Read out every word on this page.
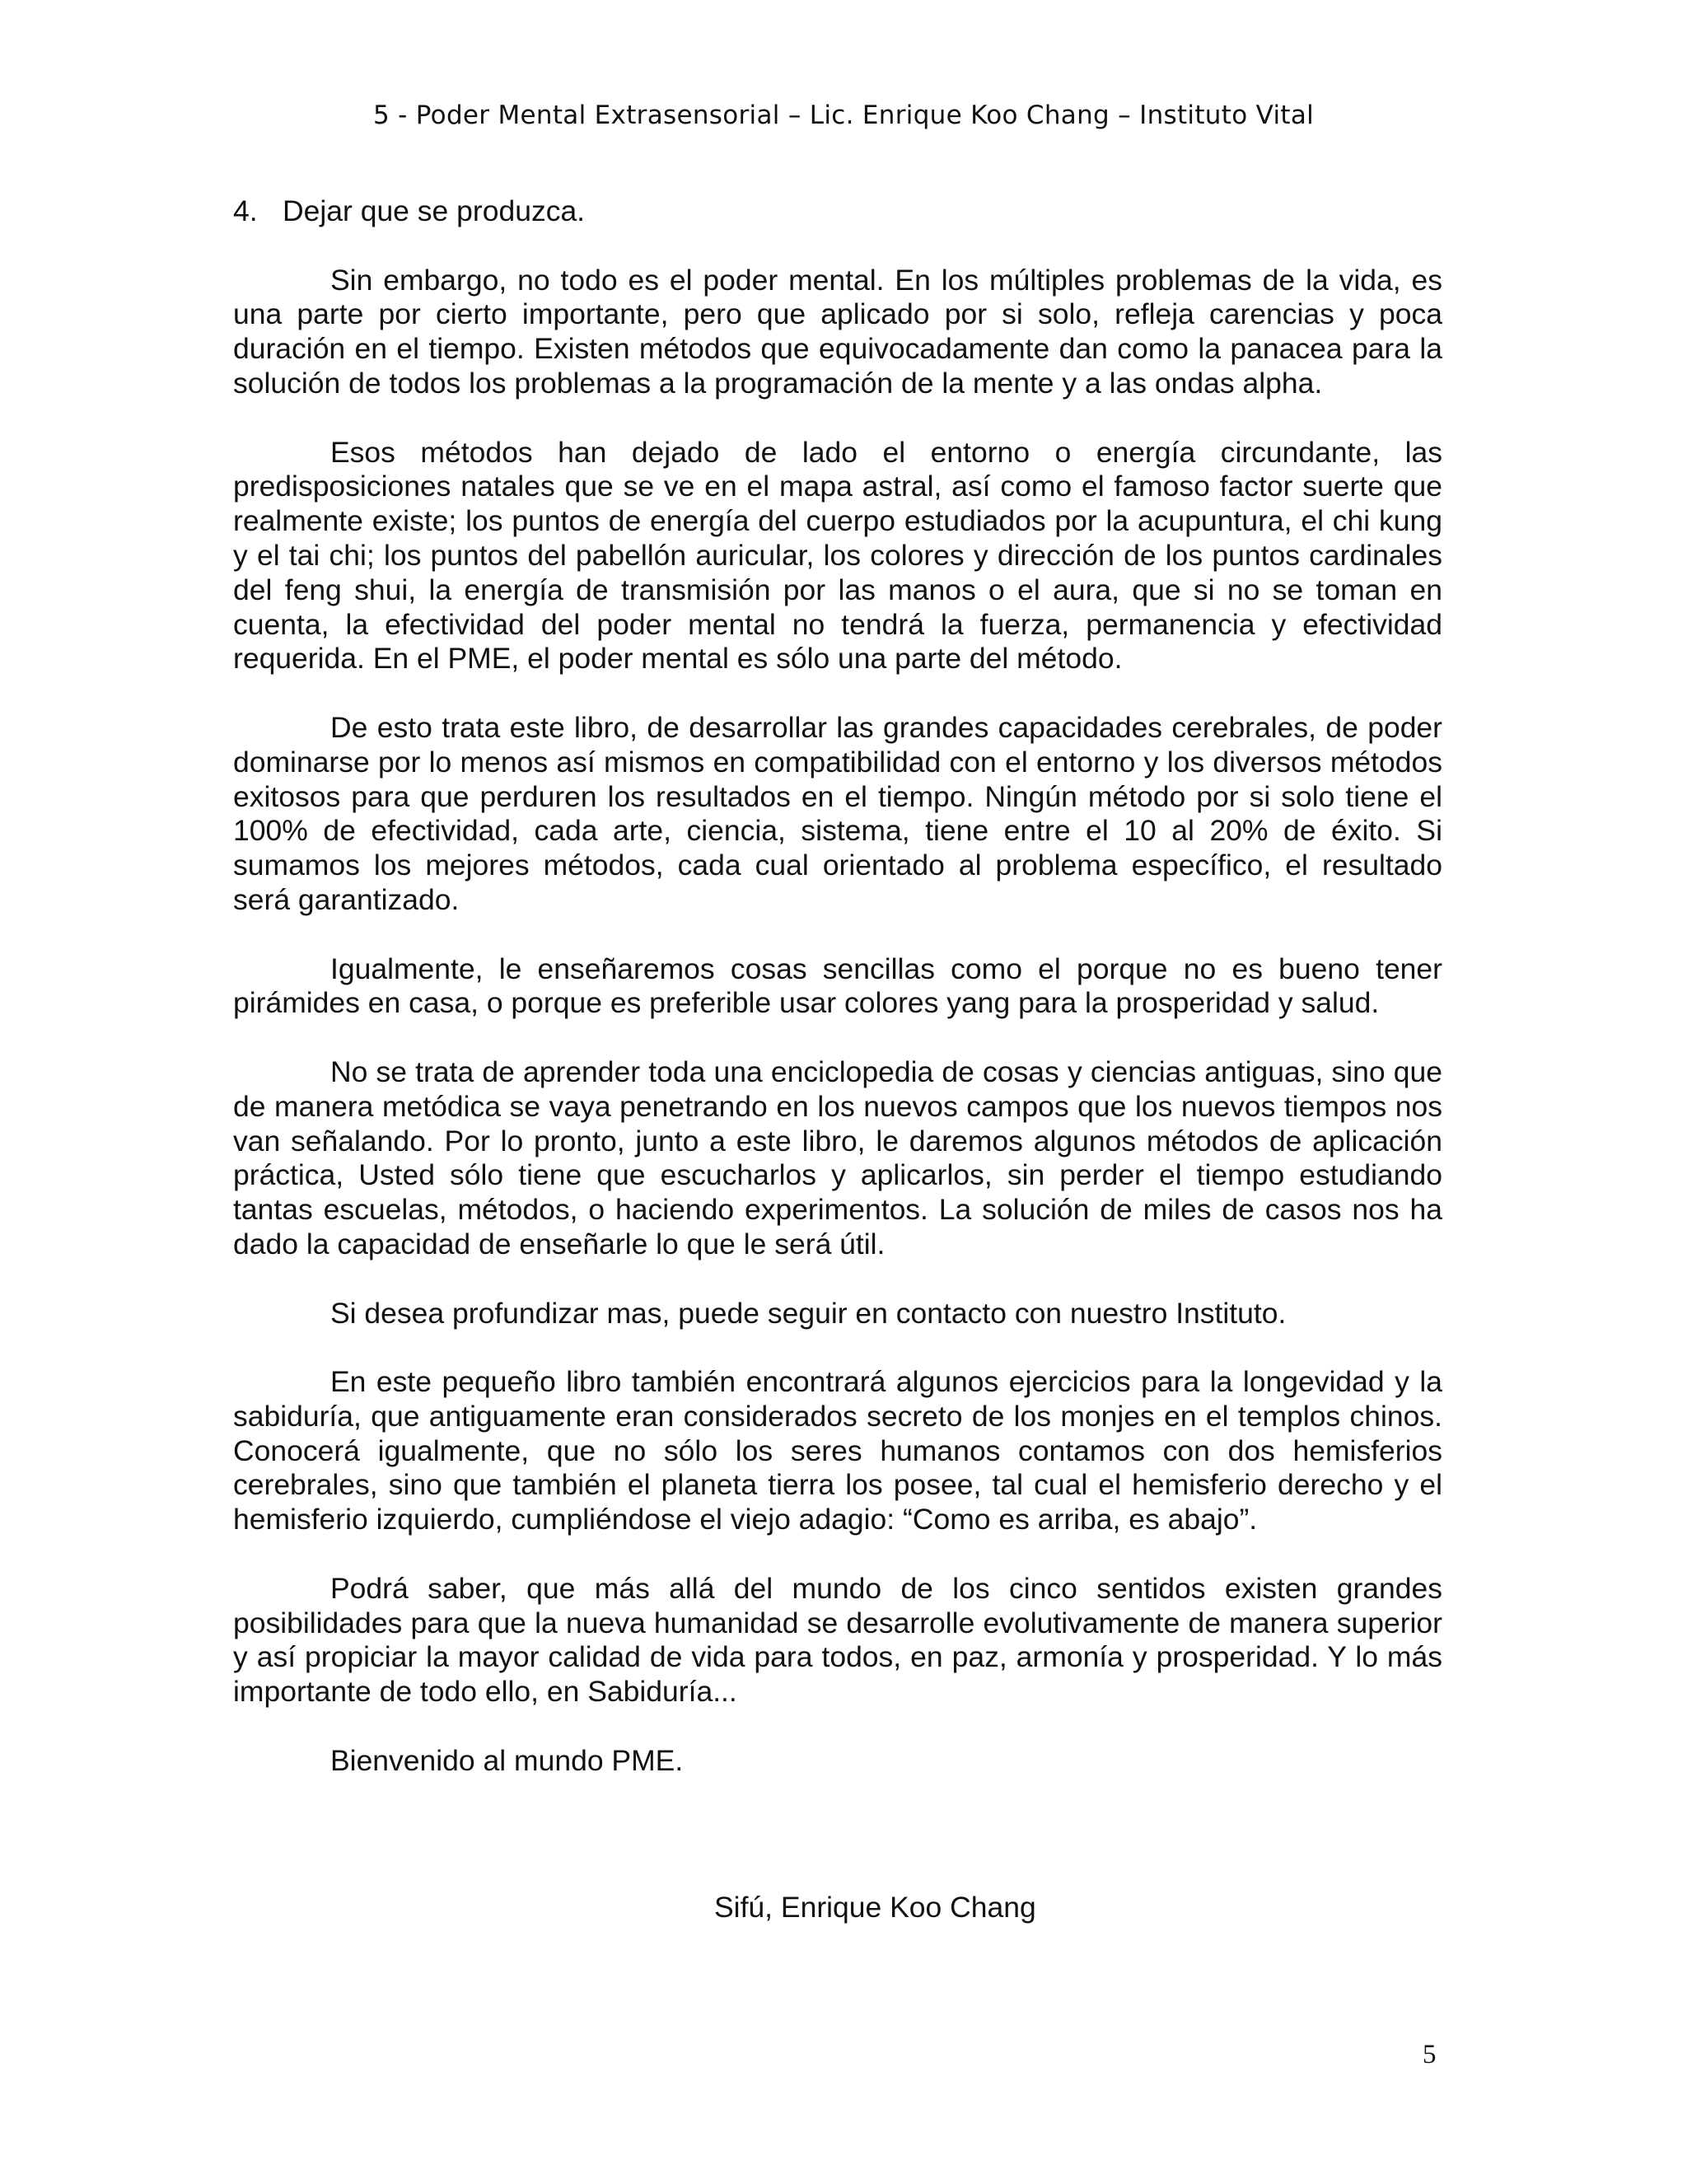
5 - Poder Mental Extrasensorial – Lic. Enrique Koo Chang – Instituto Vital
4. Dejar que se produzca.

Sin embargo, no todo es el poder mental. En los múltiples problemas de la vida, es una parte por cierto importante, pero que aplicado por si solo, refleja carencias y poca duración en el tiempo. Existen métodos que equivocadamente dan como la panacea para la solución de todos los problemas a la programación de la mente y a las ondas alpha.

Esos métodos han dejado de lado el entorno o energía circundante, las predisposiciones natales que se ve en el mapa astral, así como el famoso factor suerte que realmente existe; los puntos de energía del cuerpo estudiados por la acupuntura, el chi kung y el tai chi; los puntos del pabellón auricular, los colores y dirección de los puntos cardinales del feng shui, la energía de transmisión por las manos o el aura, que si no se toman en cuenta, la efectividad del poder mental no tendrá la fuerza, permanencia y efectividad requerida. En el PME, el poder mental es sólo una parte del método.

De esto trata este libro, de desarrollar las grandes capacidades cerebrales, de poder dominarse por lo menos así mismos en compatibilidad con el entorno y los diversos métodos exitosos para que perduren los resultados en el tiempo. Ningún método por si solo tiene el 100% de efectividad, cada arte, ciencia, sistema, tiene entre el 10 al 20% de éxito. Si sumamos los mejores métodos, cada cual orientado al problema específico, el resultado será garantizado.

Igualmente, le enseñaremos cosas sencillas como el porque no es bueno tener pirámides en casa, o porque es preferible usar colores yang para la prosperidad y salud.

No se trata de aprender toda una enciclopedia de cosas y ciencias antiguas, sino que de manera metódica se vaya penetrando en los nuevos campos que los nuevos tiempos nos van señalando. Por lo pronto, junto a este libro, le daremos algunos métodos de aplicación práctica, Usted sólo tiene que escucharlos y aplicarlos, sin perder el tiempo estudiando tantas escuelas, métodos, o haciendo experimentos. La solución de miles de casos nos ha dado la capacidad de enseñarle lo que le será útil.

Si desea profundizar mas, puede seguir en contacto con nuestro Instituto.

En este pequeño libro también encontrará algunos ejercicios para la longevidad y la sabiduría, que antiguamente eran considerados secreto de los monjes en el templos chinos. Conocerá igualmente, que no sólo los seres humanos contamos con dos hemisferios cerebrales, sino que también el planeta tierra los posee, tal cual el hemisferio derecho y el hemisferio izquierdo, cumpliéndose el viejo adagio: “Como es arriba, es abajo”.

Podrá saber, que más allá del mundo de los cinco sentidos existen grandes posibilidades para que la nueva humanidad se desarrolle evolutivamente de manera superior y así propiciar la mayor calidad de vida para todos, en paz, armonía y prosperidad. Y lo más importante de todo ello, en Sabiduría...

Bienvenido al mundo PME.

Sifú, Enrique Koo Chang
5
